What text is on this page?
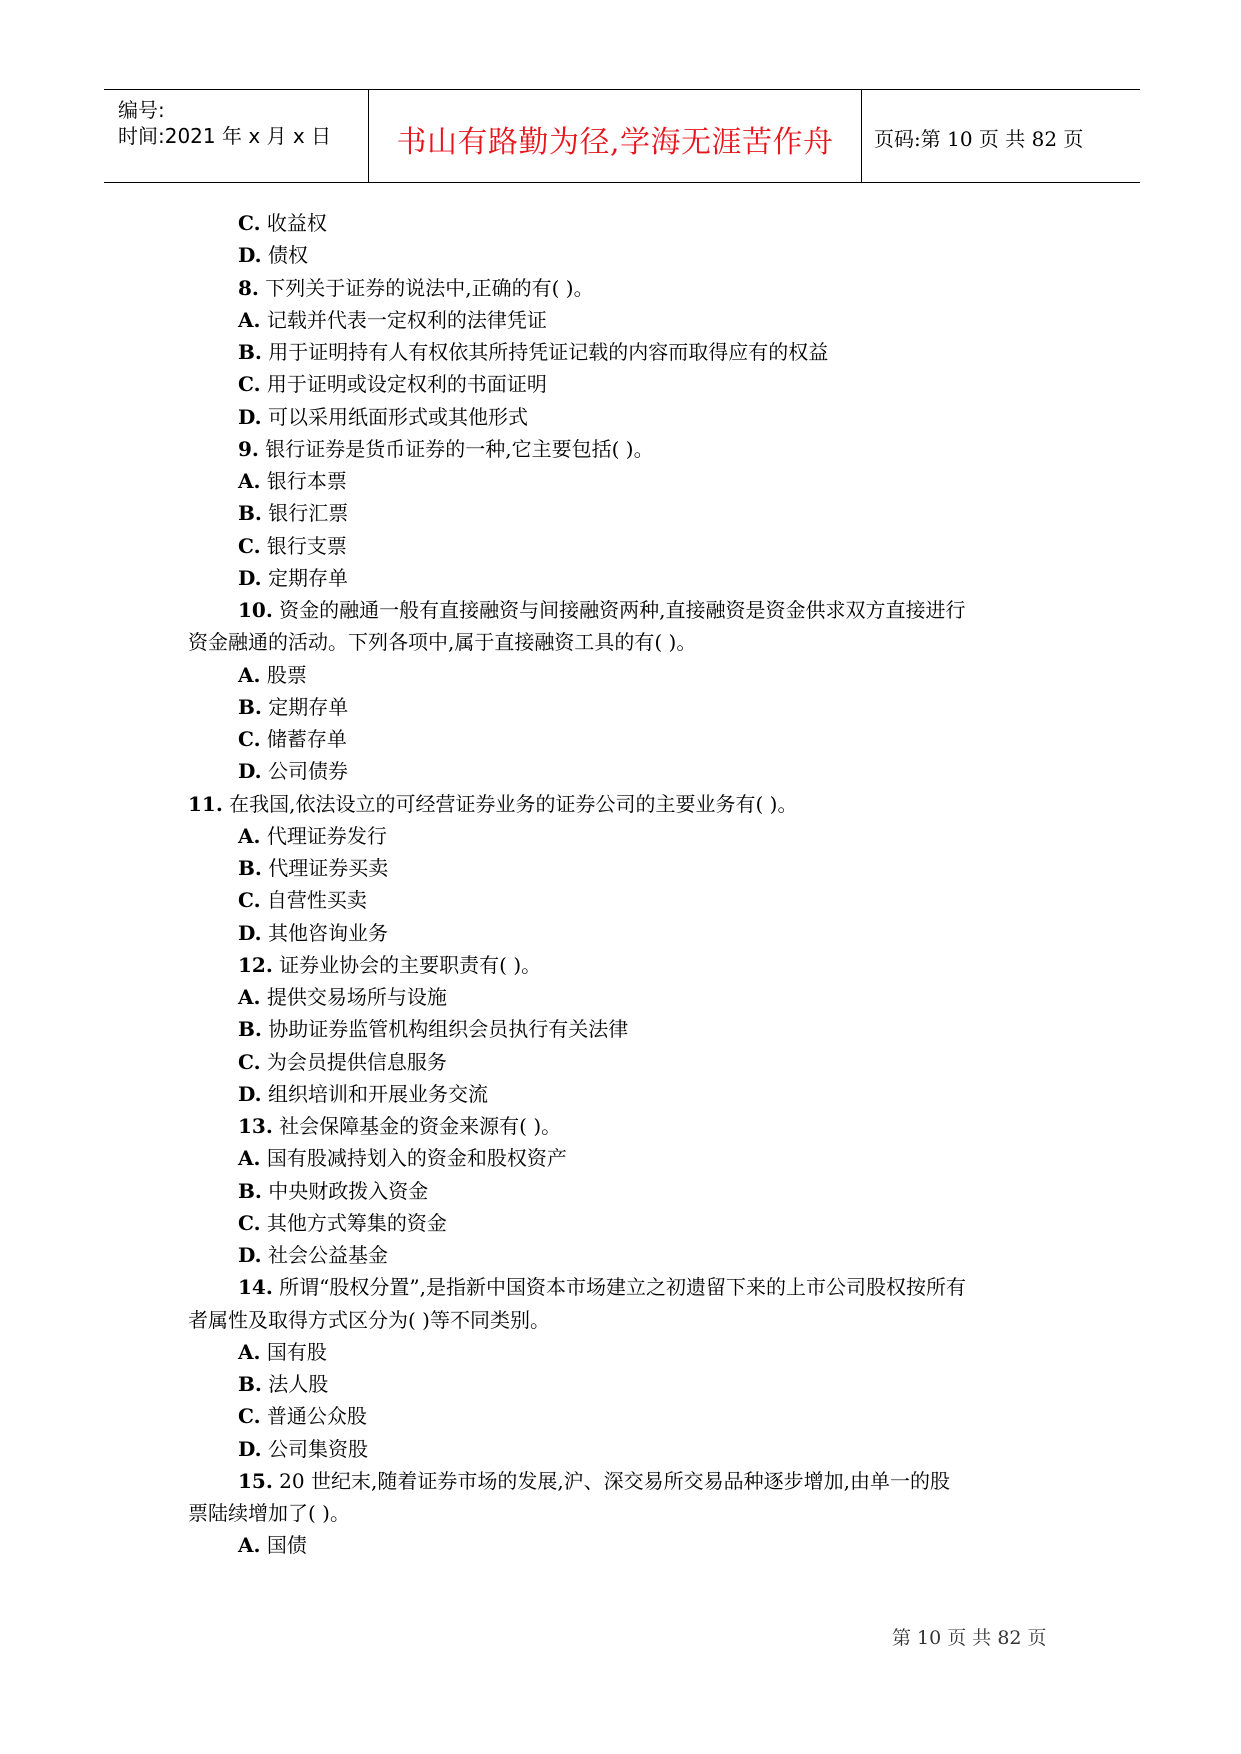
编号:
时间:2021 年 x 月 x 日	书山有路勤为径,学海无涯苦作舟	页码:第 10 页 共 82 页
C. 收益权
D. 债权
8. 下列关于证券的说法中,正确的有( )。
A. 记载并代表一定权利的法律凭证
B. 用于证明持有人有权依其所持凭证记载的内容而取得应有的权益
C. 用于证明或设定权利的书面证明
D. 可以采用纸面形式或其他形式
9. 银行证券是货币证券的一种,它主要包括( )。
A. 银行本票
B. 银行汇票
C. 银行支票
D. 定期存单
10. 资金的融通一般有直接融资与间接融资两种,直接融资是资金供求双方直接进行
资金融通的活动。下列各项中,属于直接融资工具的有( )。
A. 股票
B. 定期存单
C. 储蓄存单
D. 公司债券
11. 在我国,依法设立的可经营证券业务的证券公司的主要业务有( )。
A. 代理证券发行
B. 代理证券买卖
C. 自营性买卖
D. 其他咨询业务
12. 证券业协会的主要职责有( )。
A. 提供交易场所与设施
B. 协助证券监管机构组织会员执行有关法律
C. 为会员提供信息服务
D. 组织培训和开展业务交流
13. 社会保障基金的资金来源有( )。
A. 国有股减持划入的资金和股权资产
B. 中央财政拨入资金
C. 其他方式筹集的资金
D. 社会公益基金
14. 所谓“股权分置”,是指新中国资本市场建立之初遗留下来的上市公司股权按所有
者属性及取得方式区分为( )等不同类别。
A. 国有股
B. 法人股
C. 普通公众股
D. 公司集资股
15. 20 世纪末,随着证券市场的发展,沪、深交易所交易品种逐步增加,由单一的股
票陆续增加了( )。
A. 国债
第 10 页 共 82 页
